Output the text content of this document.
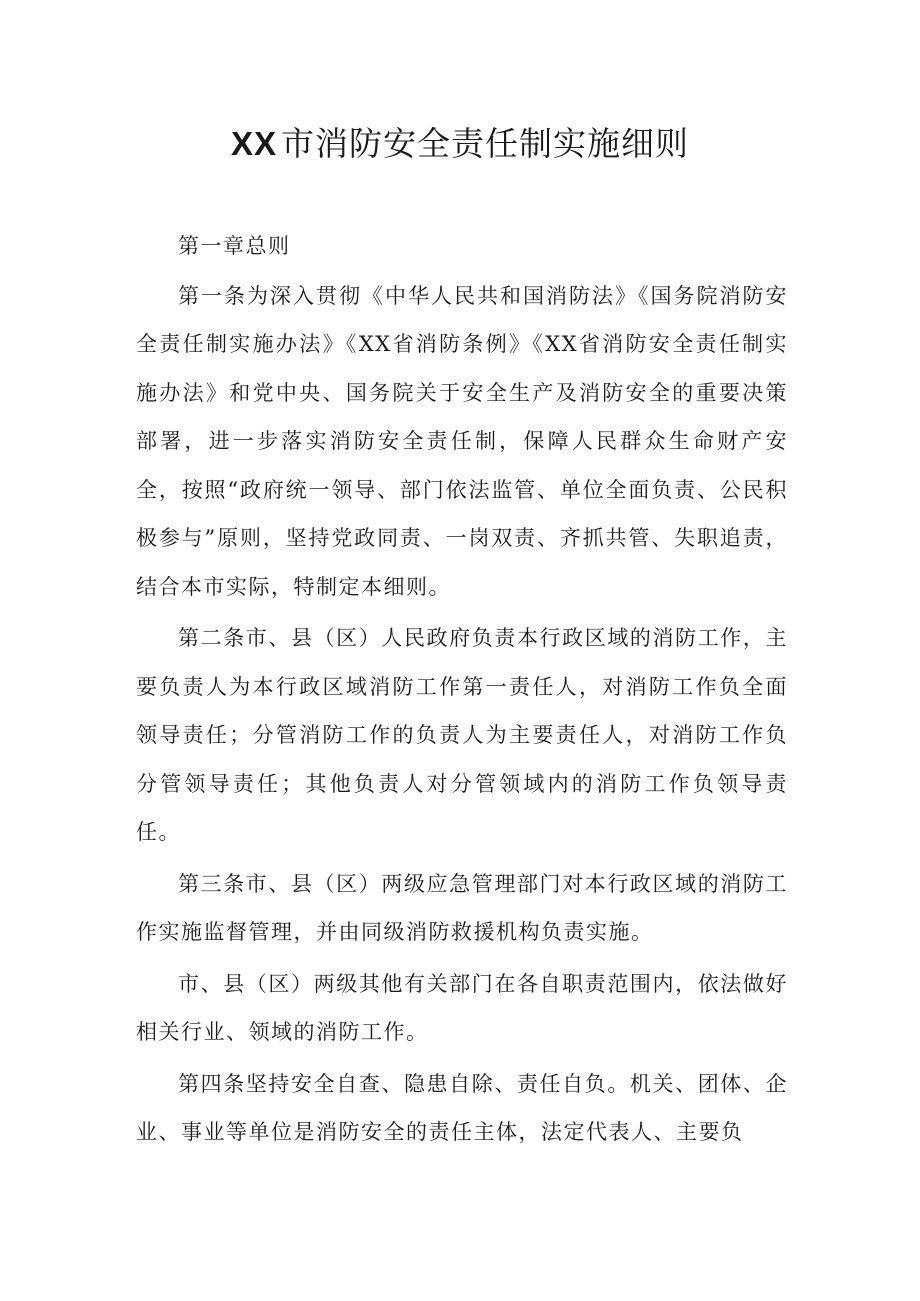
XX 市消防安全责任制实施细则

第一章总则

第一条为深入贯彻《中华人民共和国消防法》《国务院消防安全责任制实施办法》《XX省消防条例》《XX省消防安全责任制实施办法》和党中央、国务院关于安全生产及消防安全的重要决策部署，进一步落实消防安全责任制，保障人民群众生命财产安全，按照“政府统一领导、部门依法监管、单位全面负责、公民积极参与”原则，坚持党政同责、一岗双责、齐抓共管、失职追责，结合本市实际，特制定本细则。

第二条市、县（区）人民政府负责本行政区域的消防工作，主要负责人为本行政区域消防工作第一责任人，对消防工作负全面领导责任；分管消防工作的负责人为主要责任人，对消防工作负分管领导责任；其他负责人对分管领域内的消防工作负领导责任。

第三条市、县（区）两级应急管理部门对本行政区域的消防工作实施监督管理，并由同级消防救援机构负责实施。

市、县（区）两级其他有关部门在各自职责范围内，依法做好相关行业、领域的消防工作。

第四条坚持安全自查、隐患自除、责任自负。机关、团体、企业、事业等单位是消防安全的责任主体，法定代表人、主要负
